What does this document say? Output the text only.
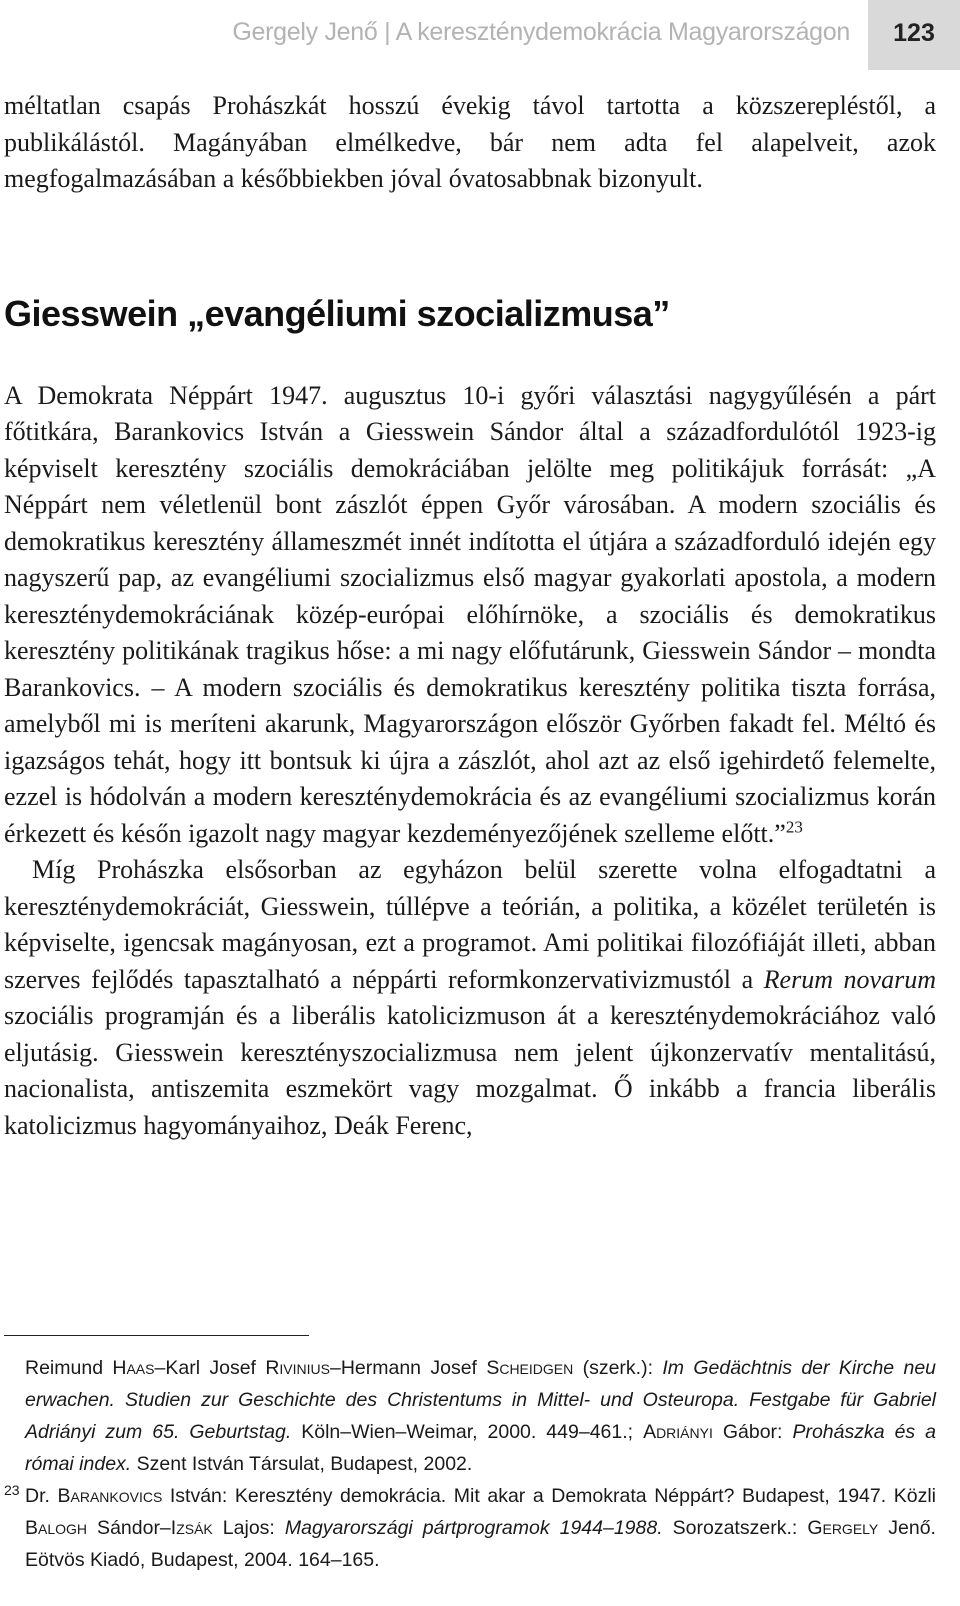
Gergely Jenő | A kereszténydemokrácia Magyarországon	123

méltatlan csapás Prohászkát hosszú évekig távol tartotta a közszerepléstől, a publikálástól. Magányában elmélkedve, bár nem adta fel alapelveit, azok megfogalmazásában a későbbiekben jóval óvatosabbnak bizonyult.

Giesswein „evangéliumi szocializmusa”

A Demokrata Néppárt 1947. augusztus 10-i győri választási nagygyűlésén a párt főtitkára, Barankovics István a Giesswein Sándor által a századfordulótól 1923-ig képviselt keresztény szociális demokráciában jelölte meg politikájuk forrását: „A Néppárt nem véletlenül bont zászlót éppen Győr városában. A modern szociális és demokratikus keresztény állameszmét innét indította el útjára a századforduló idején egy nagyszerű pap, az evangéliumi szocializmus első magyar gyakorlati apostola, a modern kereszténydemokráciának közép-európai előhírnöke, a szociális és demokratikus keresztény politikának tragikus hőse: a mi nagy előfutárunk, Giesswein Sándor – mondta Barankovics. – A modern szociális és demokratikus keresztény politika tiszta forrása, amelyből mi is meríteni akarunk, Magyarországon először Győrben fakadt fel. Méltó és igazságos tehát, hogy itt bontsuk ki újra a zászlót, ahol azt az első igehirdető felemelte, ezzel is hódolván a modern kereszténydemokrácia és az evangéliumi szocializmus korán érkezett és későn igazolt nagy magyar kezdeményezőjének szelleme előtt.”$^{23}$

Míg Prohászka elsősorban az egyházon belül szerette volna elfogadtatni a kereszténydemokráciát, Giesswein, túllépve a teórián, a politika, a közélet területén is képviselte, igencsak magányosan, ezt a programot. Ami politikai filozófiáját illeti, abban szerves fejlődés tapasztalható a néppárti reformkonzervativizmustól a Rerum novarum szociális programján és a liberális katolicizmuson át a kereszténydemokráciához való eljutásig. Giesswein keresztényszocializmusa nem jelent újkonzervatív mentalitású, nacionalista, antiszemita eszmekört vagy mozgalmat. Ő inkább a francia liberális katolicizmus hagyományaihoz, Deák Ferenc,

Reimund Haas–Karl Josef Rivinius–Hermann Josef Scheidgen (szerk.): Im Gedächtnis der Kirche neu erwachen. Studien zur Geschichte des Christentums in Mittel- und Osteuropa. Festgabe für Gabriel Adriányi zum 65. Geburtstag. Köln–Wien–Weimar, 2000. 449–461.; Adriányi Gábor: Prohászka és a római index. Szent István Társulat, Budapest, 2002.

23 Dr. Barankovics István: Keresztény demokrácia. Mit akar a Demokrata Néppárt? Budapest, 1947. Közli Balogh Sándor–Izsák Lajos: Magyarországi pártprogramok 1944–1988. Sorozatszerk.: Gergely Jenő. Eötvös Kiadó, Budapest, 2004. 164–165.
